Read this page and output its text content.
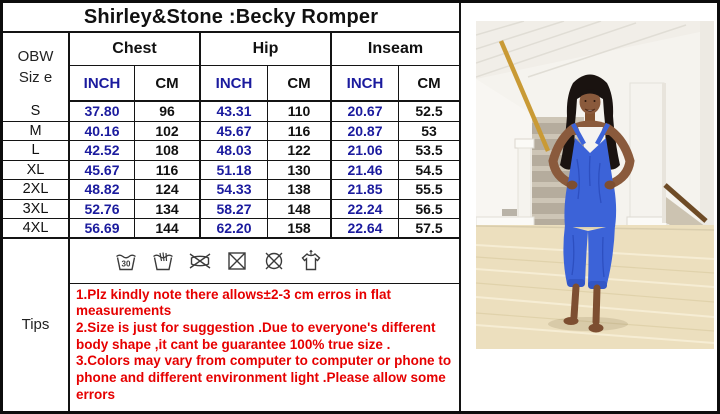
Shirley&Stone :Becky Romper
OBW
Siz e
Chest	Hip	Inseam
INCH	CM	INCH	CM	INCH	CM
S	37.80	96	43.31	110	20.67	52.5
M	40.16	102	45.67	116	20.87	53
L	42.52	108	48.03	122	21.06	53.5
XL	45.67	116	51.18	130	21.46	54.5
2XL	48.82	124	54.33	138	21.85	55.5
3XL	52.76	134	58.27	148	22.24	56.5
4XL	56.69	144	62.20	158	22.64	57.5
Tips
30

1.Plz kindly note there allows±2-3 cm erros in flat measurements

2.Size is just for suggestion .Due to everyone's different body shape ,it cant be guarantee 100% true size .

3.Colors may vary from computer to computer or phone to phone and different environment light .Please allow some errors
